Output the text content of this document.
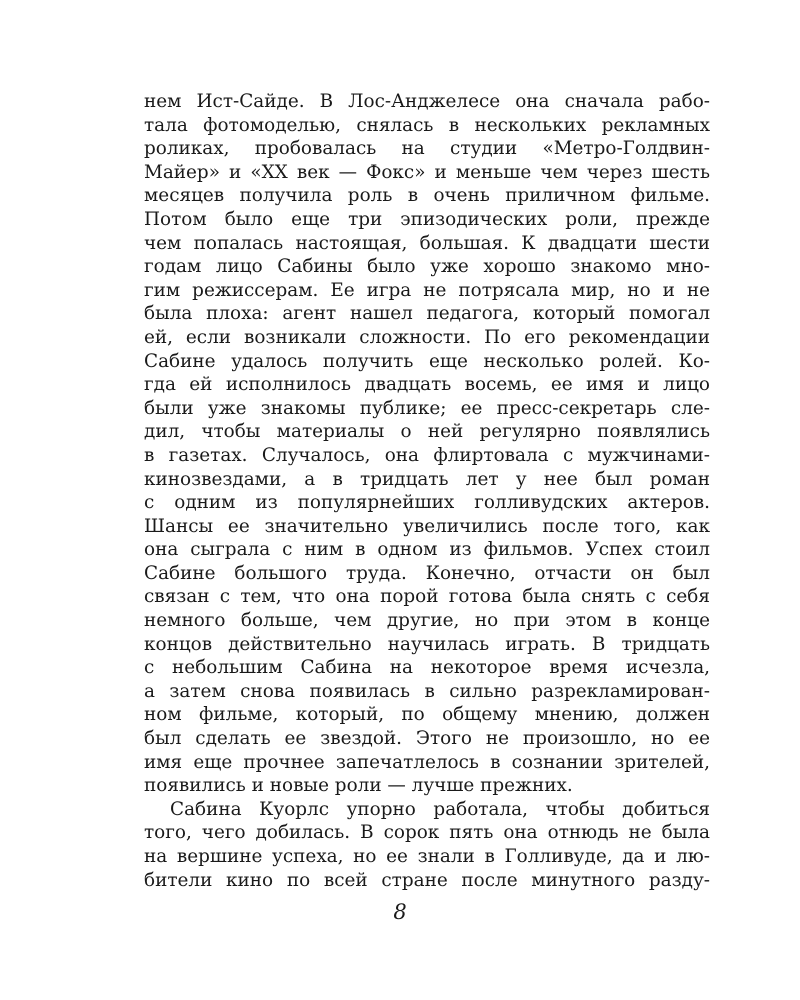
нем Ист-Сайде. В Лос-Анджелесе она сначала рабо-
тала фотомоделью, снялась в нескольких рекламных
роликах, пробовалась на студии «Метро-Голдвин-
Майер» и «XX век — Фокс» и меньше чем через шесть
месяцев получила роль в очень приличном фильме.
Потом было еще три эпизодических роли, прежде
чем попалась настоящая, большая. К двадцати шести
годам лицо Сабины было уже хорошо знакомо мно-
гим режиссерам. Ее игра не потрясала мир, но и не
была плоха: агент нашел педагога, который помогал
ей, если возникали сложности. По его рекомендации
Сабине удалось получить еще несколько ролей. Ко-
гда ей исполнилось двадцать восемь, ее имя и лицо
были уже знакомы публике; ее пресс-секретарь сле-
дил, чтобы материалы о ней регулярно появлялись
в газетах. Случалось, она флиртовала с мужчинами-
кинозвездами, а в тридцать лет у нее был роман
с одним из популярнейших голливудских актеров.
Шансы ее значительно увеличились после того, как
она сыграла с ним в одном из фильмов. Успех стоил
Сабине большого труда. Конечно, отчасти он был
связан с тем, что она порой готова была снять с себя
немного больше, чем другие, но при этом в конце
концов действительно научилась играть. В тридцать
с небольшим Сабина на некоторое время исчезла,
а затем снова появилась в сильно разрекламирован-
ном фильме, который, по общему мнению, должен
был сделать ее звездой. Этого не произошло, но ее
имя еще прочнее запечатлелось в сознании зрителей,
появились и новые роли — лучше прежних.
Сабина Куорлс упорно работала, чтобы добиться
того, чего добилась. В сорок пять она отнюдь не была
на вершине успеха, но ее знали в Голливуде, да и лю-
бители кино по всей стране после минутного разду-
8
